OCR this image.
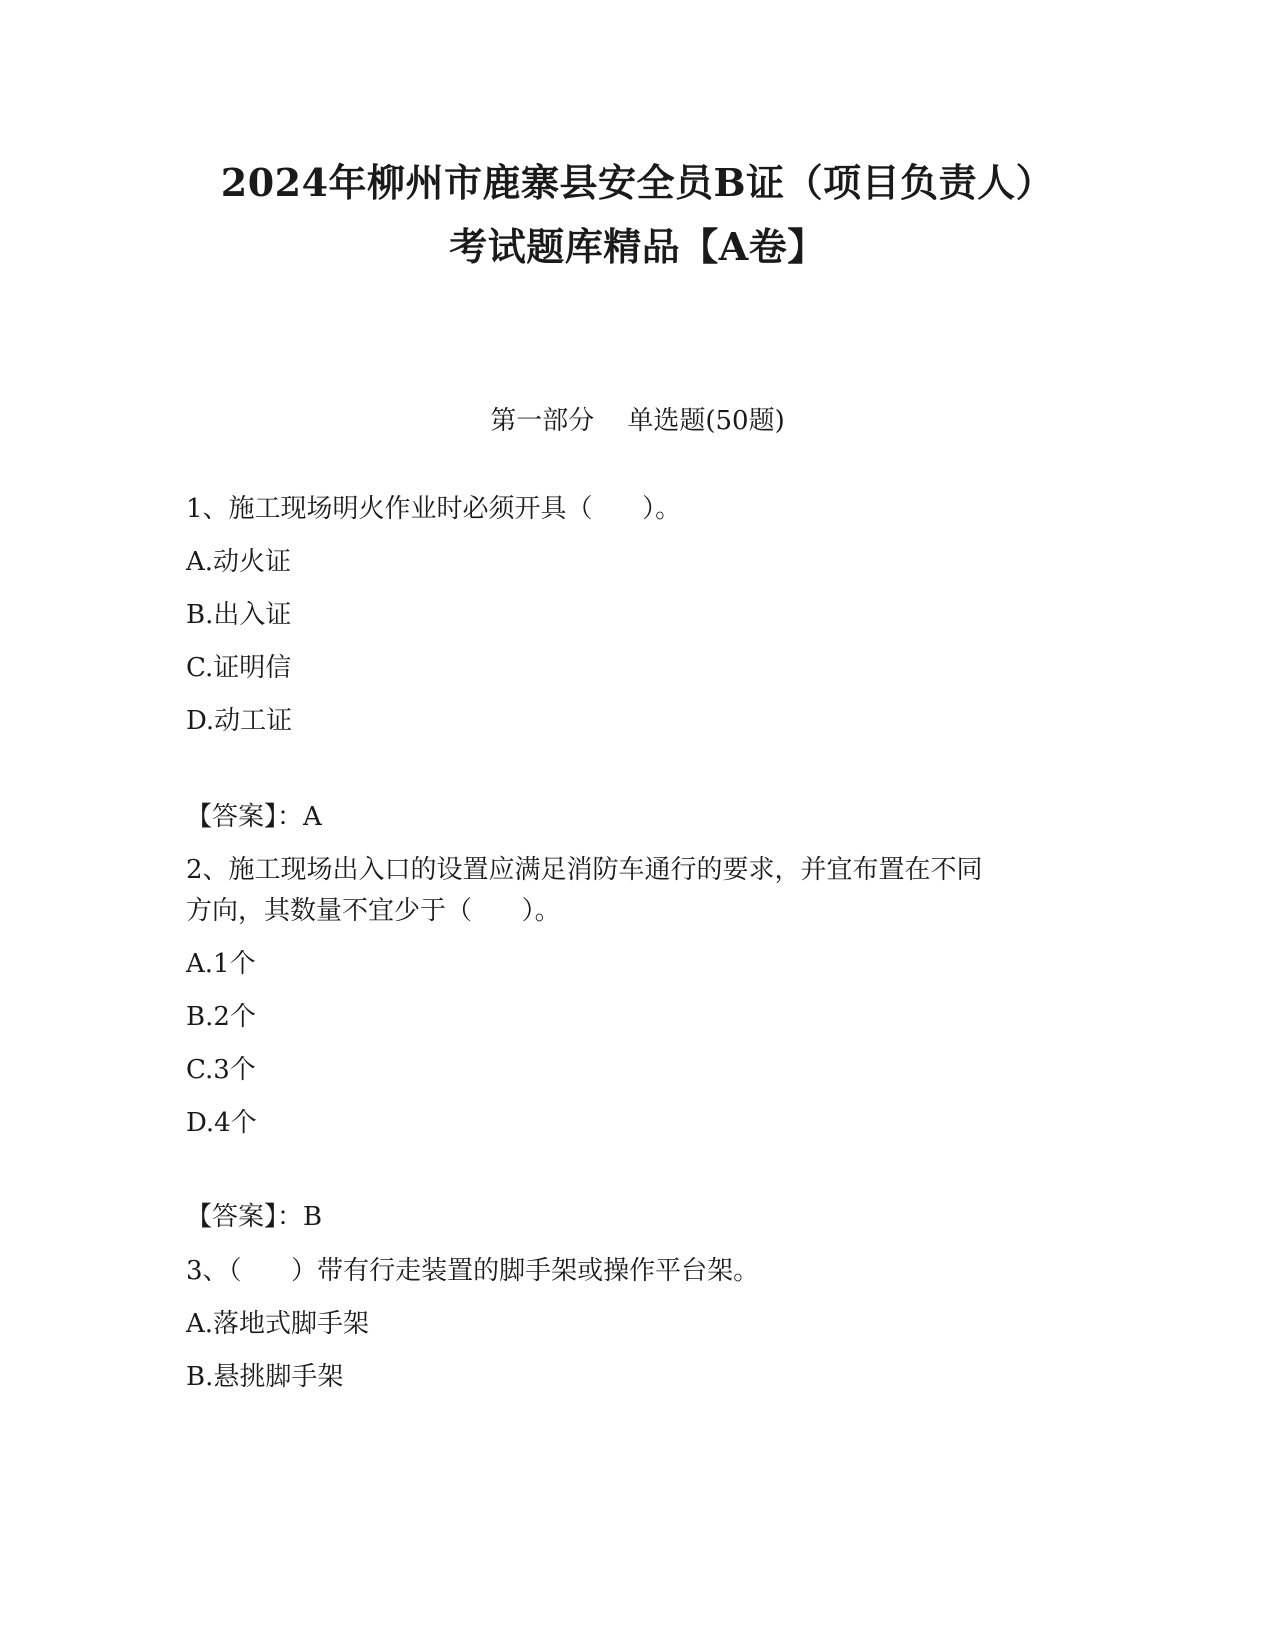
2024年柳州市鹿寨县安全员B证（项目负责人）
考试题库精品【A卷】
第一部分    单选题(50题)
1、施工现场明火作业时必须开具（      ）。
A.动火证
B.出入证
C.证明信
D.动工证
【答案】：A
2、施工现场出入口的设置应满足消防车通行的要求，并宜布置在不同
方向，其数量不宜少于（      ）。
A.1个
B.2个
C.3个
D.4个
【答案】：B
3、（      ）带有行走装置的脚手架或操作平台架。
A.落地式脚手架
B.悬挑脚手架
